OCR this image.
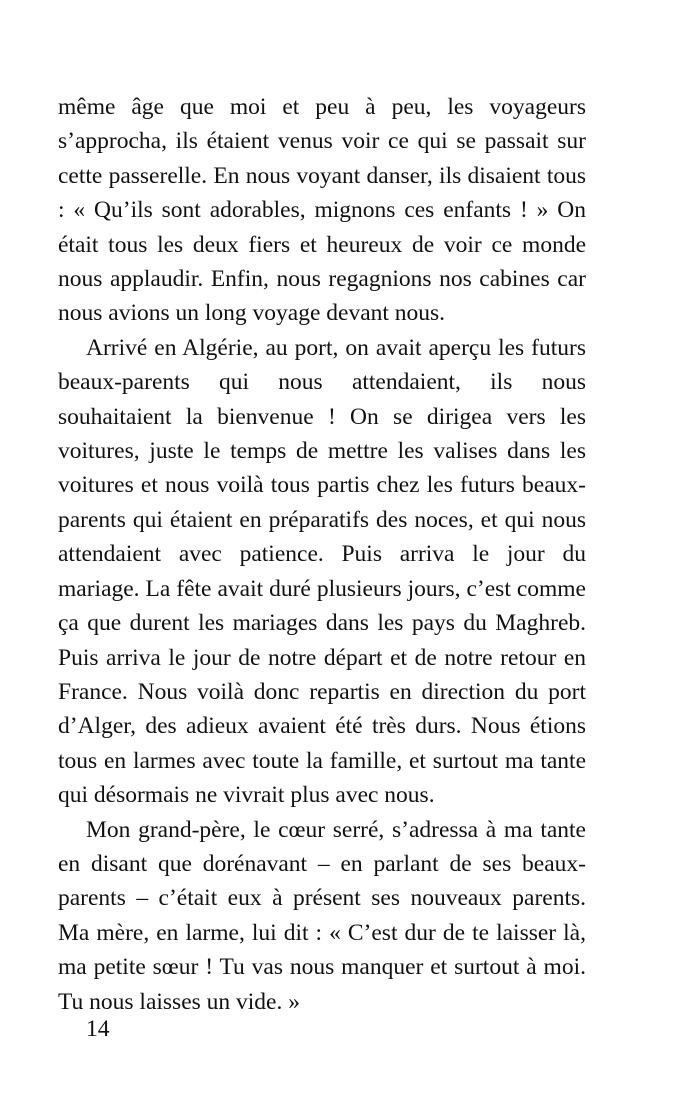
même âge que moi et peu à peu, les voyageurs s’approcha, ils étaient venus voir ce qui se passait sur cette passerelle. En nous voyant danser, ils disaient tous : « Qu’ils sont adorables, mignons ces enfants ! » On était tous les deux fiers et heureux de voir ce monde nous applaudir. Enfin, nous regagnions nos cabines car nous avions un long voyage devant nous.

Arrivé en Algérie, au port, on avait aperçu les futurs beaux-parents qui nous attendaient, ils nous souhaitaient la bienvenue ! On se dirigea vers les voitures, juste le temps de mettre les valises dans les voitures et nous voilà tous partis chez les futurs beaux-parents qui étaient en préparatifs des noces, et qui nous attendaient avec patience. Puis arriva le jour du mariage. La fête avait duré plusieurs jours, c’est comme ça que durent les mariages dans les pays du Maghreb. Puis arriva le jour de notre départ et de notre retour en France. Nous voilà donc repartis en direction du port d’Alger, des adieux avaient été très durs. Nous étions tous en larmes avec toute la famille, et surtout ma tante qui désormais ne vivrait plus avec nous.

Mon grand-père, le cœur serré, s’adressa à ma tante en disant que dorénavant – en parlant de ses beaux-parents – c’était eux à présent ses nouveaux parents. Ma mère, en larme, lui dit : « C’est dur de te laisser là, ma petite sœur ! Tu vas nous manquer et surtout à moi. Tu nous laisses un vide. »

14
